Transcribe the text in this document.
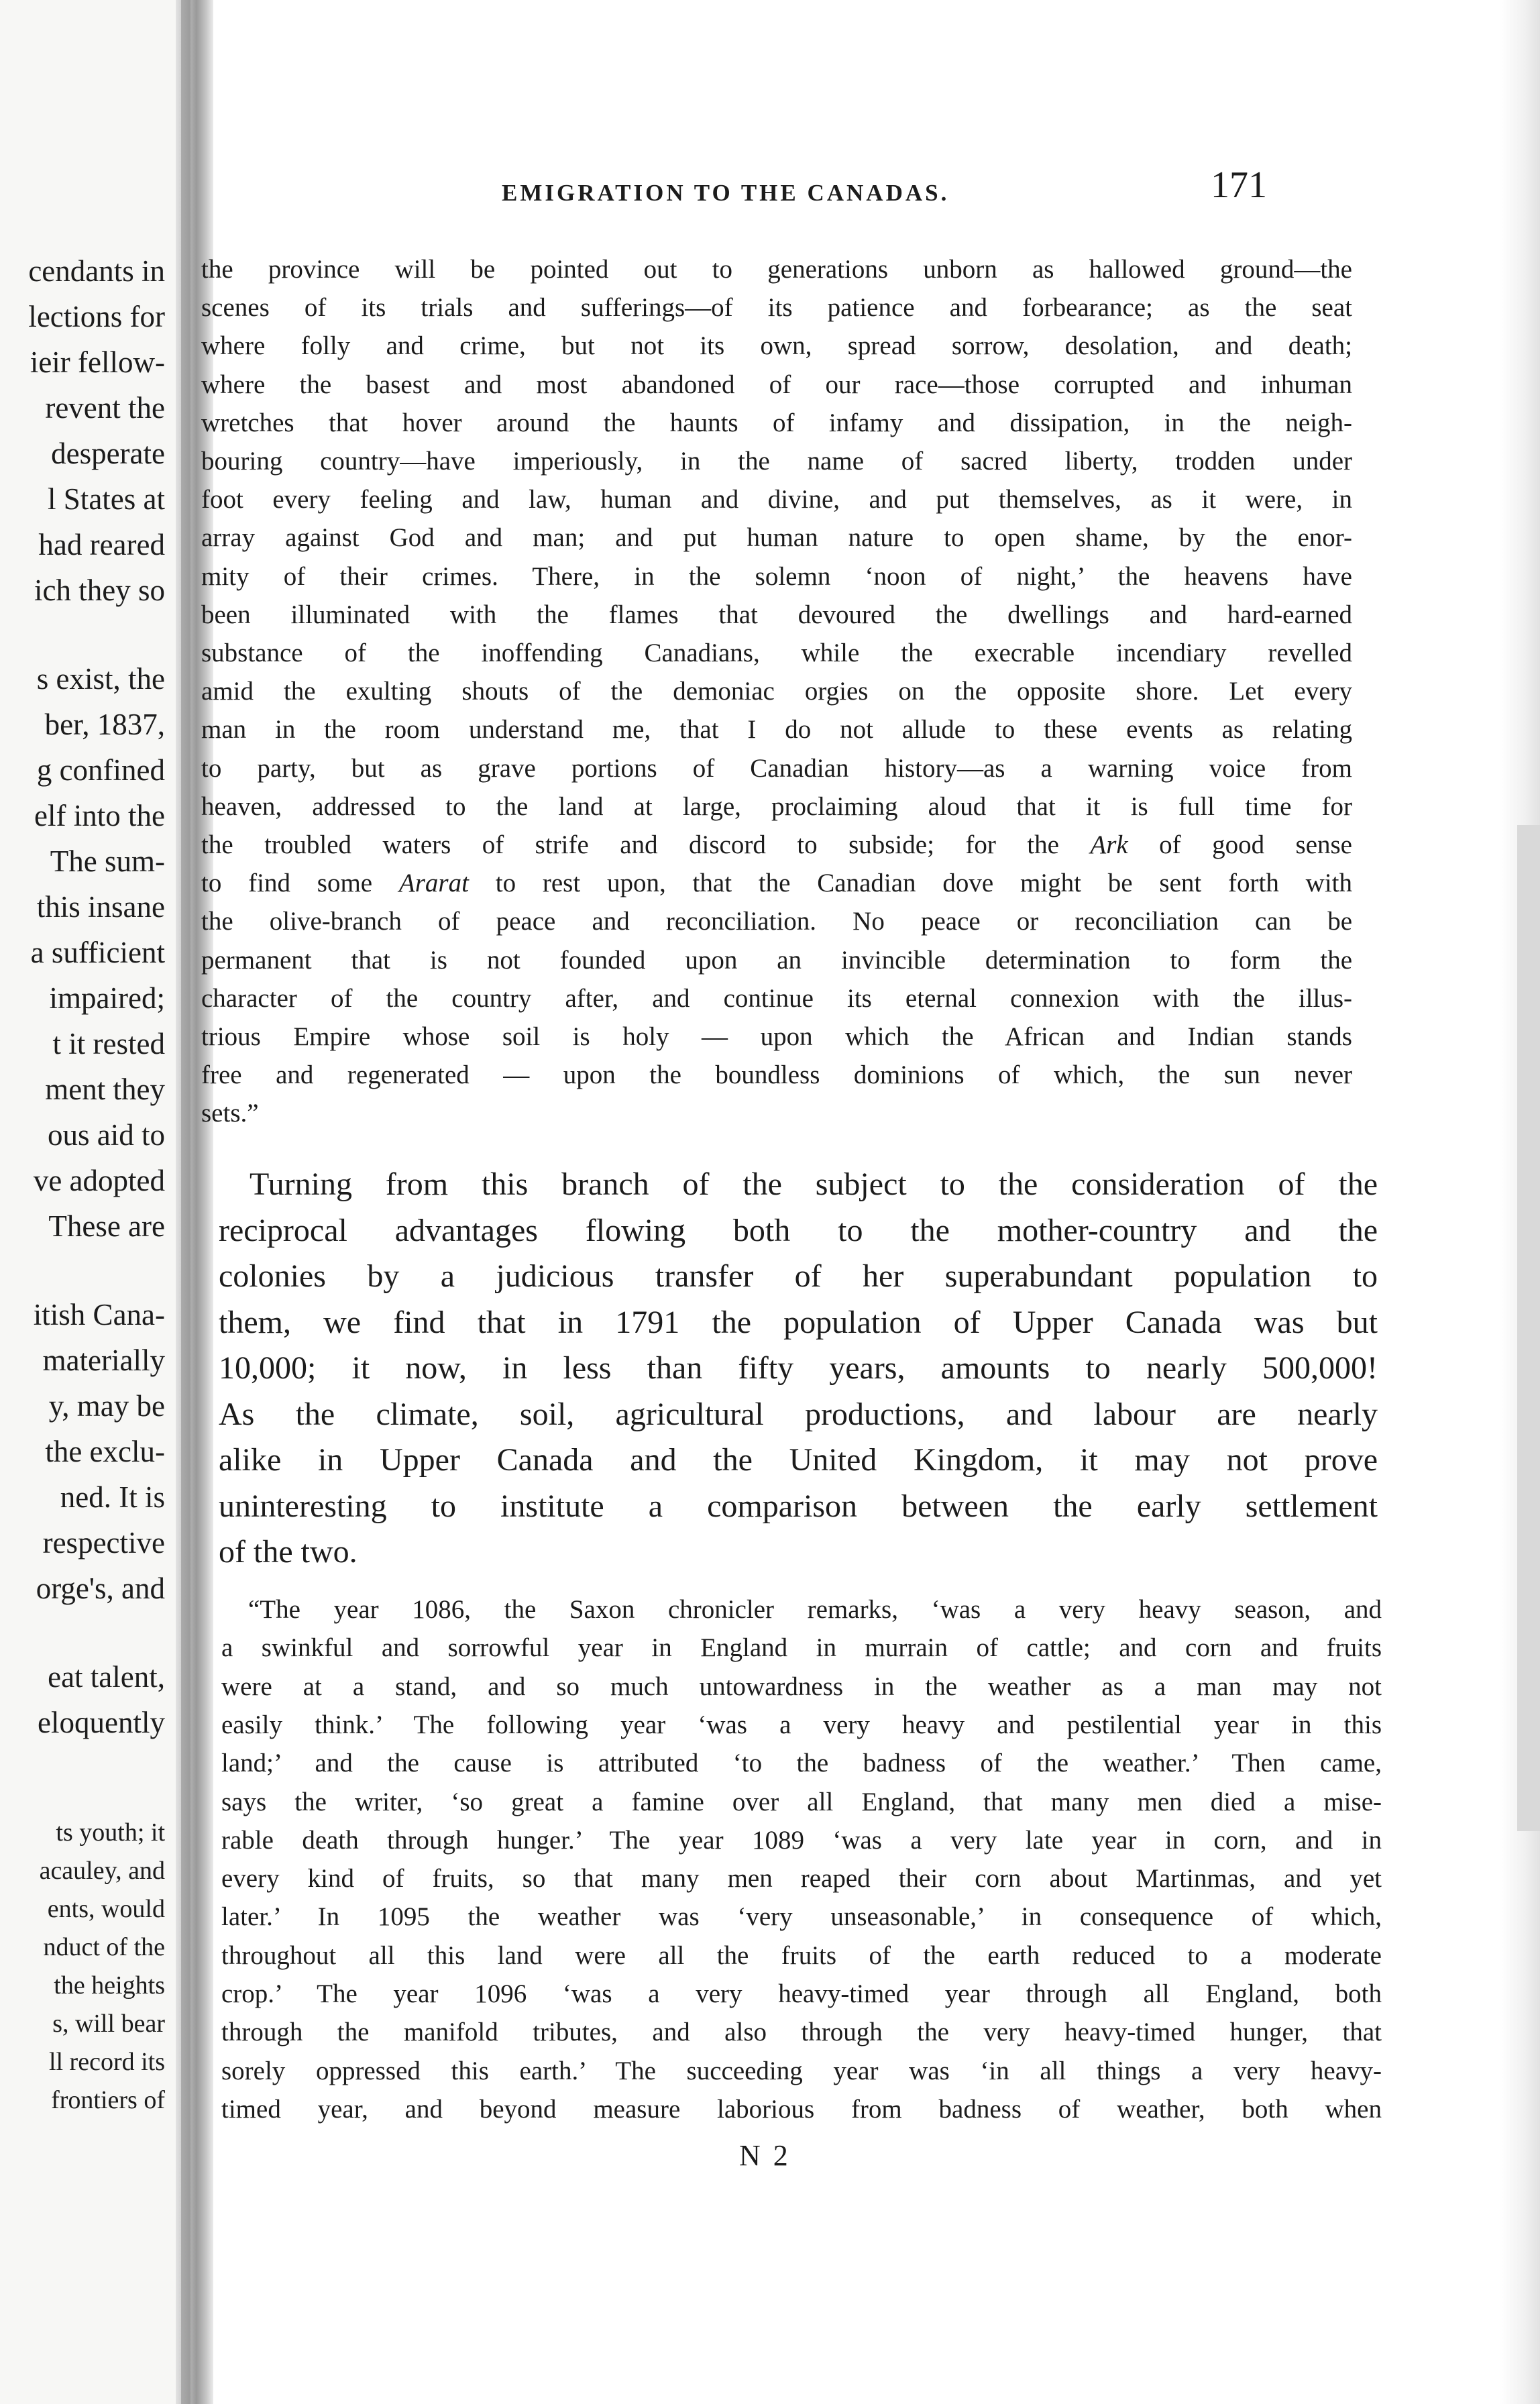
cendants in
lections for
ieir fellow-
revent the
desperate
l States at
had reared
ich they so
s exist, the
ber, 1837,
g confined
elf into the
The sum-
this insane
a sufficient
impaired;
t it rested
ment they
ous aid to
ve adopted
These are
itish Cana-
materially
y, may be
the exclu-
ned. It is
respective
orge's, and
eat talent,
eloquently
ts youth; it
acauley, and
ents, would
nduct of the
the heights
s, will bear
ll record its
frontiers of
EMIGRATION TO THE CANADAS.	171
the province will be pointed out to generations unborn as hallowed ground—the
scenes of its trials and sufferings—of its patience and forbearance; as the seat
where folly and crime, but not its own, spread sorrow, desolation, and death;
where the basest and most abandoned of our race—those corrupted and inhuman
wretches that hover around the haunts of infamy and dissipation, in the neigh-
bouring country—have imperiously, in the name of sacred liberty, trodden under
foot every feeling and law, human and divine, and put themselves, as it were, in
array against God and man; and put human nature to open shame, by the enor-
mity of their crimes. There, in the solemn ‘noon of night,’ the heavens have
been illuminated with the flames that devoured the dwellings and hard-earned
substance of the inoffending Canadians, while the execrable incendiary revelled
amid the exulting shouts of the demoniac orgies on the opposite shore. Let every
man in the room understand me, that I do not allude to these events as relating
to party, but as grave portions of Canadian history—as a warning voice from
heaven, addressed to the land at large, proclaiming aloud that it is full time for
the troubled waters of strife and discord to subside; for the Ark of good sense
to find some Ararat to rest upon, that the Canadian dove might be sent forth with
the olive-branch of peace and reconciliation. No peace or reconciliation can be
permanent that is not founded upon an invincible determination to form the
character of the country after, and continue its eternal connexion with the illus-
trious Empire whose soil is holy — upon which the African and Indian stands
free and regenerated — upon the boundless dominions of which, the sun never
sets.”
Turning from this branch of the subject to the consideration of the
reciprocal advantages flowing both to the mother-country and the
colonies by a judicious transfer of her superabundant population to
them, we find that in 1791 the population of Upper Canada was but
10,000; it now, in less than fifty years, amounts to nearly 500,000!
As the climate, soil, agricultural productions, and labour are nearly
alike in Upper Canada and the United Kingdom, it may not prove
uninteresting to institute a comparison between the early settlement
of the two.
“The year 1086, the Saxon chronicler remarks, ‘was a very heavy season, and
a swinkful and sorrowful year in England in murrain of cattle; and corn and fruits
were at a stand, and so much untowardness in the weather as a man may not
easily think.’ The following year ‘was a very heavy and pestilential year in this
land;’ and the cause is attributed ‘to the badness of the weather.’ Then came,
says the writer, ‘so great a famine over all England, that many men died a mise-
rable death through hunger.’ The year 1089 ‘was a very late year in corn, and in
every kind of fruits, so that many men reaped their corn about Martinmas, and yet
later.’ In 1095 the weather was ‘very unseasonable,’ in consequence of which,
throughout all this land were all the fruits of the earth reduced to a moderate
crop.’ The year 1096 ‘was a very heavy-timed year through all England, both
through the manifold tributes, and also through the very heavy-timed hunger, that
sorely oppressed this earth.’ The succeeding year was ‘in all things a very heavy-
timed year, and beyond measure laborious from badness of weather, both when
N 2
